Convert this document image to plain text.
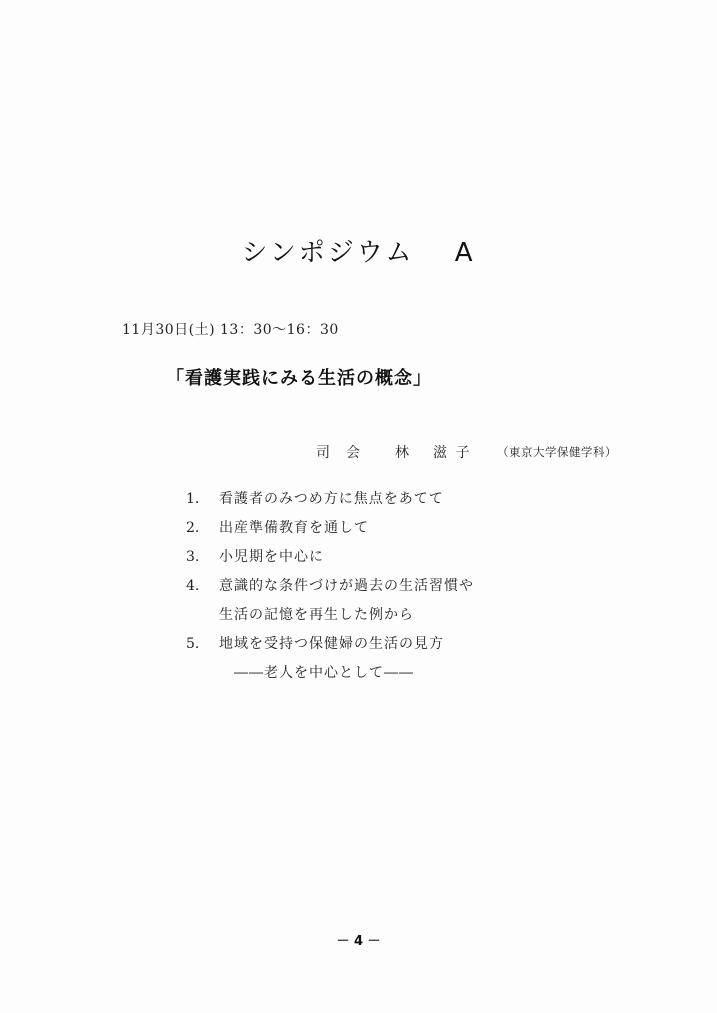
シンポジウム　 A
11月30日(土) 13：30～16：30
「看護実践にみる生活の概念」
司会 林 滋 子 （東京大学保健学科）
1. 看護者のみつめ方に焦点をあてて
2. 出産準備教育を通して
3. 小児期を中心に
4. 意識的な条件づけが過去の生活習慣や
生活の記憶を再生した例から
5. 地域を受持つ保健婦の生活の見方
――老人を中心として――
－ 4 －
